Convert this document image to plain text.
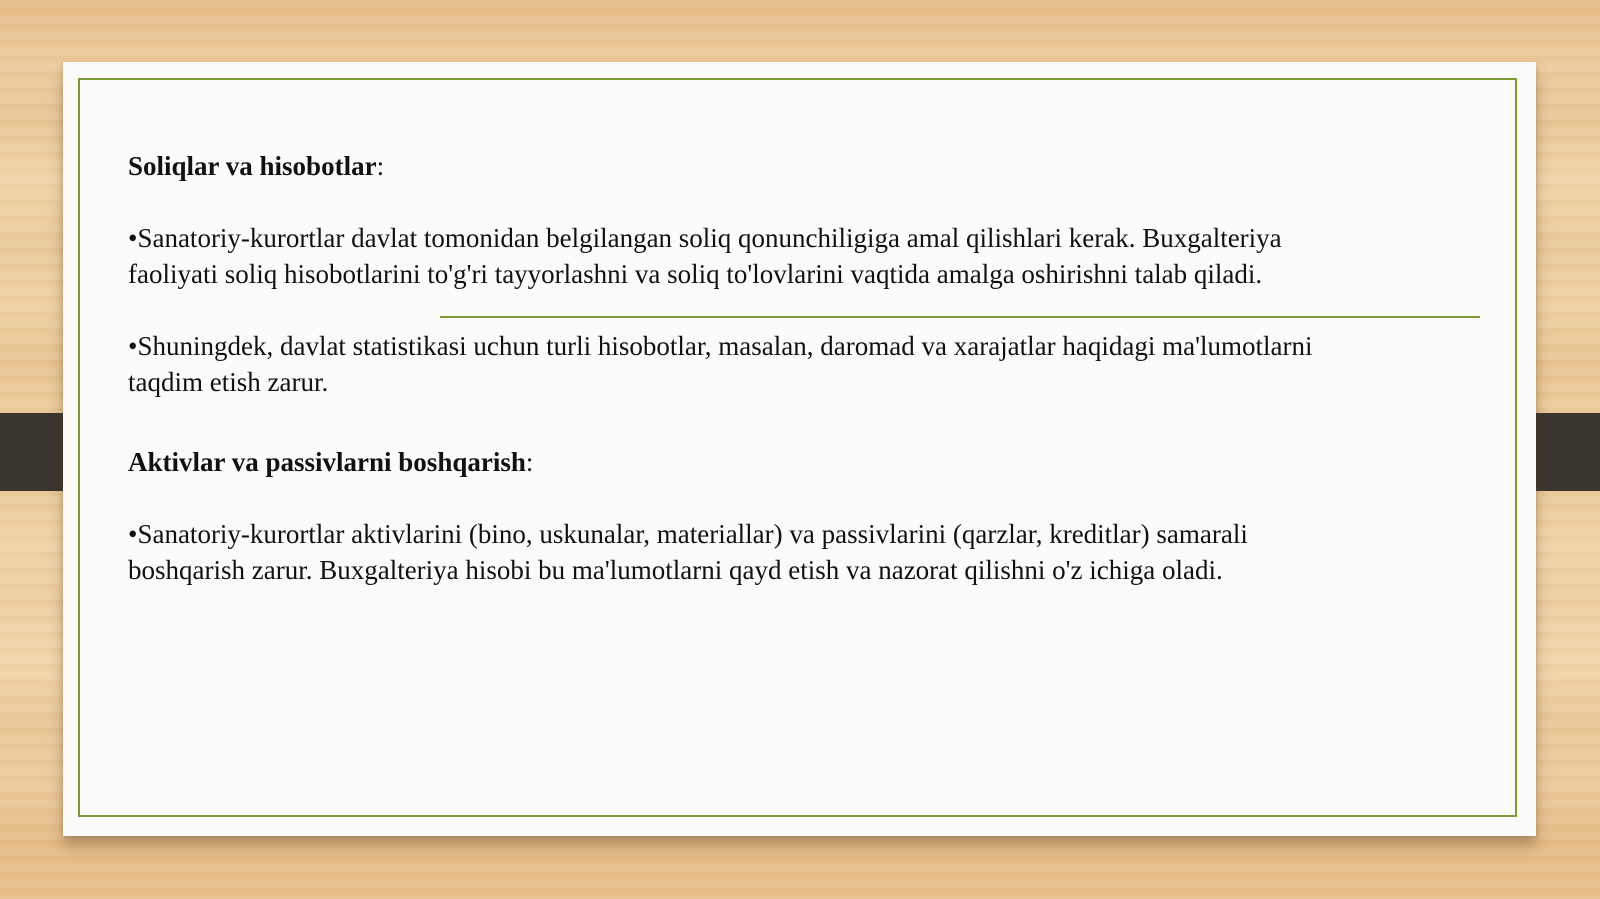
Soliqlar va hisobotlar:

•Sanatoriy-kurortlar davlat tomonidan belgilangan soliq qonunchiligiga amal qilishlari kerak. Buxgalteriya faoliyati soliq hisobotlarini to'g'ri tayyorlashni va soliq to'lovlarini vaqtida amalga oshirishni talab qiladi.

•Shuningdek, davlat statistikasi uchun turli hisobotlar, masalan, daromad va xarajatlar haqidagi ma'lumotlarni taqdim etish zarur.

Aktivlar va passivlarni boshqarish:

•Sanatoriy-kurortlar aktivlarini (bino, uskunalar, materiallar) va passivlarini (qarzlar, kreditlar) samarali boshqarish zarur. Buxgalteriya hisobi bu ma'lumotlarni qayd etish va nazorat qilishni o'z ichiga oladi.
